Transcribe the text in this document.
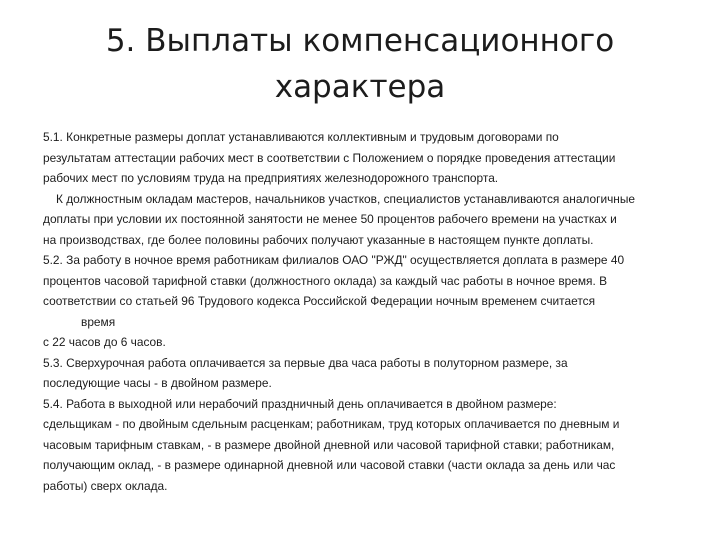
5. Выплаты компенсационного
характера
5.1. Конкретные размеры доплат устанавливаются коллективным и трудовым договорами по
результатам аттестации рабочих мест в соответствии с Положением о порядке проведения аттестации
рабочих мест по условиям труда на предприятиях железнодорожного транспорта.
К должностным окладам мастеров, начальников участков, специалистов устанавливаются аналогичные
доплаты при условии их постоянной занятости не менее 50 процентов рабочего времени на участках и
на производствах, где более половины рабочих получают указанные в настоящем пункте доплаты.
5.2. За работу в ночное время работникам филиалов ОАО "РЖД" осуществляется доплата в размере 40
процентов часовой тарифной ставки (должностного оклада) за каждый час работы в ночное время. В
соответствии со статьей 96 Трудового кодекса Российской Федерации ночным временем считается
время
с 22 часов до 6 часов.
5.3. Сверхурочная работа оплачивается за первые два часа работы в полуторном размере, за
последующие часы - в двойном размере.
5.4. Работа в выходной или нерабочий праздничный день оплачивается в двойном размере:
сдельщикам - по двойным сдельным расценкам; работникам, труд которых оплачивается по дневным и
часовым тарифным ставкам, - в размере двойной дневной или часовой тарифной ставки; работникам,
получающим оклад, - в размере одинарной дневной или часовой ставки (части оклада за день или час
работы) сверх оклада.
